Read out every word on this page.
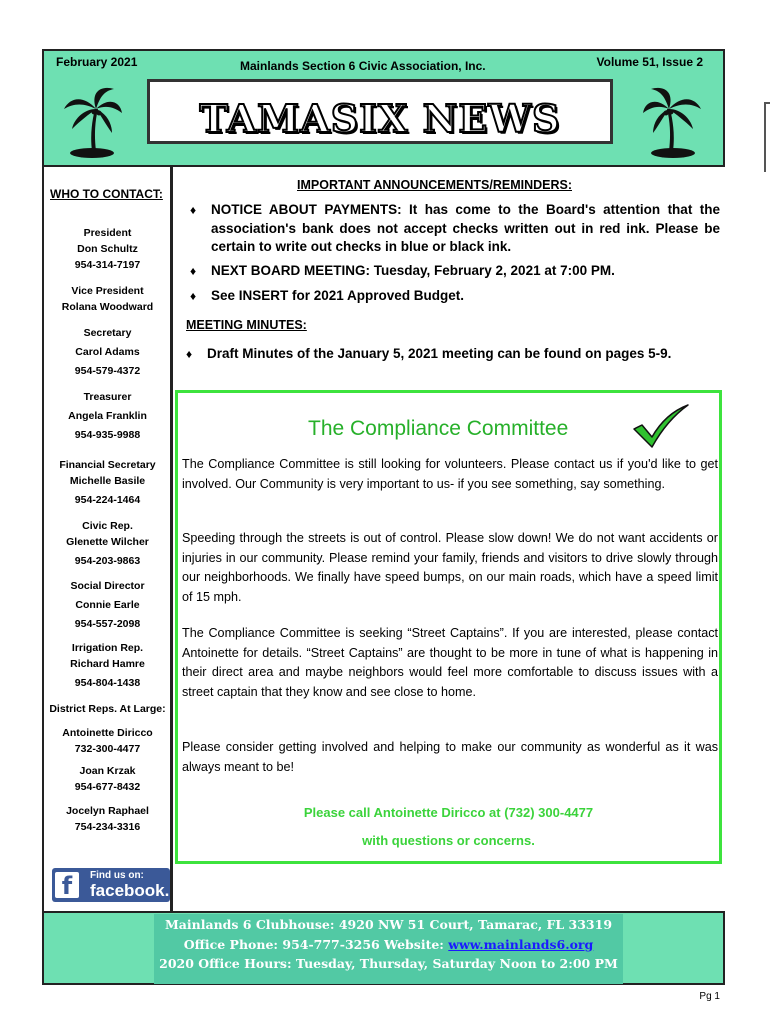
February 2021	Mainlands Section 6 Civic Association, Inc.	Volume 51, Issue 2
TAMASIX NEWS
WHO TO CONTACT:
President
Don Schultz
954-314-7197
Vice President
Rolana Woodward
Secretary
Carol Adams
954-579-4372
Treasurer
Angela Franklin
954-935-9988
Financial Secretary
Michelle Basile
954-224-1464
Civic Rep.
Glenette Wilcher
954-203-9863
Social Director
Connie Earle
954-557-2098
Irrigation Rep.
Richard Hamre
954-804-1438
District Reps. At Large:
Antoinette Diricco
732-300-4477
Joan Krzak
954-677-8432
Jocelyn Raphael
754-234-3316
f	Find us on:
facebook.
IMPORTANT ANNOUNCEMENTS/REMINDERS:
♦ NOTICE ABOUT PAYMENTS: It has come to the Board's attention that the association's bank does not accept checks written out in red ink. Please be certain to write out checks in blue or black ink.
♦ NEXT BOARD MEETING: Tuesday, February 2, 2021 at 7:00 PM.
♦ See INSERT for 2021 Approved Budget.
MEETING MINUTES:
♦ Draft Minutes of the January 5, 2021 meeting can be found on pages 5-9.
The Compliance Committee
The Compliance Committee is still looking for volunteers. Please contact us if you'd like to get involved. Our Community is very important to us- if you see something, say something.
Speeding through the streets is out of control. Please slow down! We do not want accidents or injuries in our community. Please remind your family, friends and visitors to drive slowly through our neighborhoods. We finally have speed bumps, on our main roads, which have a speed limit of 15 mph.
The Compliance Committee is seeking “Street Captains”. If you are interested, please contact Antoinette for details. “Street Captains” are thought to be more in tune of what is happening in their direct area and maybe neighbors would feel more comfortable to discuss issues with a street captain that they know and see close to home.
Please consider getting involved and helping to make our community as wonderful as it was always meant to be!
Please call Antoinette Diricco at (732) 300-4477
with questions or concerns.
Mainlands 6 Clubhouse: 4920 NW 51 Court, Tamarac, FL 33319
Office Phone: 954-777-3256 Website: www.mainlands6.org
2020 Office Hours: Tuesday, Thursday, Saturday Noon to 2:00 PM
Pg 1
